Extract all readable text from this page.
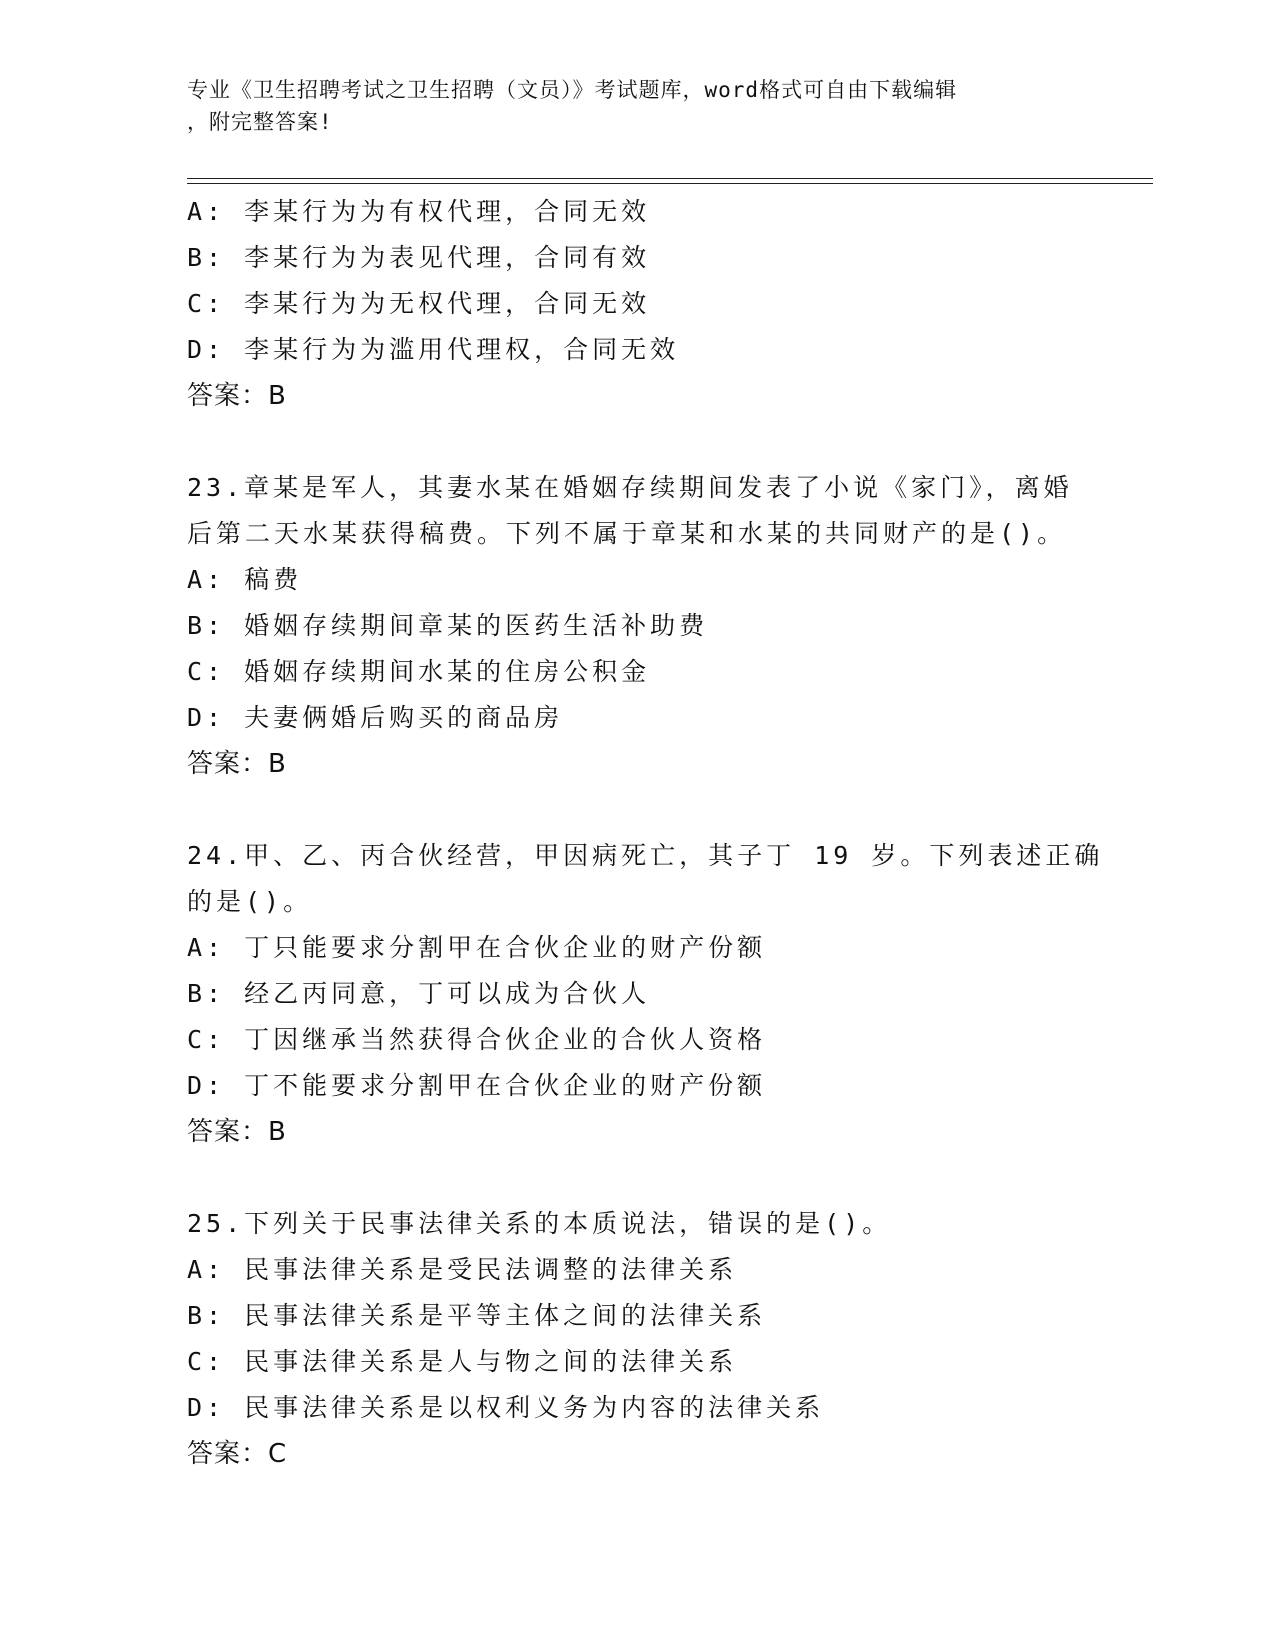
专业《卫生招聘考试之卫生招聘（文员）》考试题库，word格式可自由下载编辑
，附完整答案!
A: 李某行为为有权代理，合同无效
B: 李某行为为表见代理，合同有效
C: 李某行为为无权代理，合同无效
D: 李某行为为滥用代理权，合同无效
答案：B
23.章某是军人，其妻水某在婚姻存续期间发表了小说《家门》，离婚
后第二天水某获得稿费。下列不属于章某和水某的共同财产的是()。
A: 稿费
B: 婚姻存续期间章某的医药生活补助费
C: 婚姻存续期间水某的住房公积金
D: 夫妻俩婚后购买的商品房
答案：B
24.甲、乙、丙合伙经营，甲因病死亡，其子丁 19 岁。下列表述正确
的是()。
A: 丁只能要求分割甲在合伙企业的财产份额
B: 经乙丙同意，丁可以成为合伙人
C: 丁因继承当然获得合伙企业的合伙人资格
D: 丁不能要求分割甲在合伙企业的财产份额
答案：B
25.下列关于民事法律关系的本质说法，错误的是()。
A: 民事法律关系是受民法调整的法律关系
B: 民事法律关系是平等主体之间的法律关系
C: 民事法律关系是人与物之间的法律关系
D: 民事法律关系是以权利义务为内容的法律关系
答案：C
